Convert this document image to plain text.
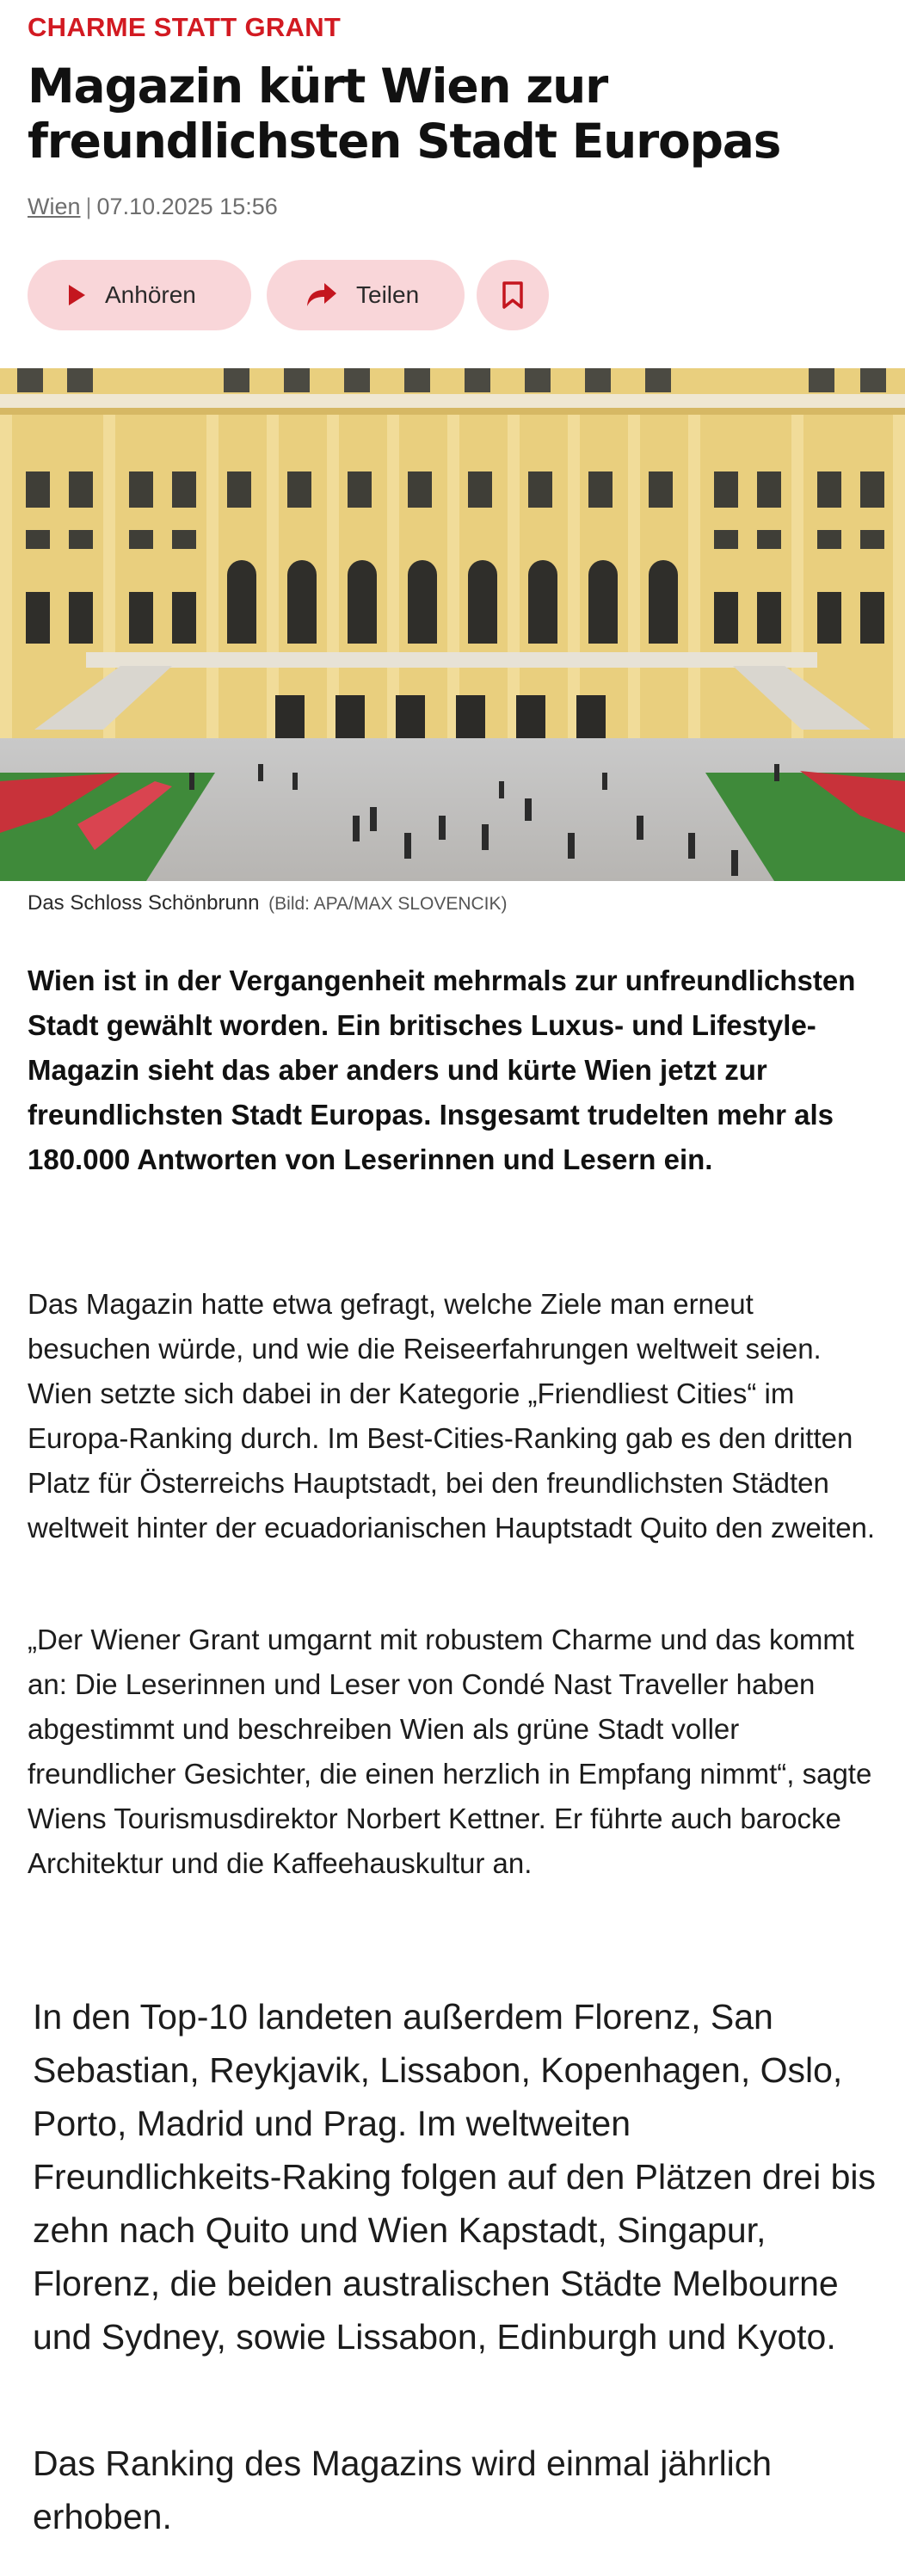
CHARME STATT GRANT
Magazin kürt Wien zur freundlichsten Stadt Europas
Wien | 07.10.2025 15:56
Anhören	Teilen
Das Schloss Schönbrunn (Bild: APA/MAX SLOVENCIK)

Wien ist in der Vergangenheit mehrmals zur unfreundlichsten Stadt gewählt worden. Ein britisches Luxus- und Lifestyle-Magazin sieht das aber anders und kürte Wien jetzt zur freundlichsten Stadt Europas. Insgesamt trudelten mehr als 180.000 Antworten von Leserinnen und Lesern ein.

Das Magazin hatte etwa gefragt, welche Ziele man erneut besuchen würde, und wie die Reiseerfahrungen weltweit seien. Wien setzte sich dabei in der Kategorie „Friendliest Cities“ im Europa-Ranking durch. Im Best-Cities-Ranking gab es den dritten Platz für Österreichs Hauptstadt, bei den freundlichsten Städten weltweit hinter der ecuadorianischen Hauptstadt Quito den zweiten.

„Der Wiener Grant umgarnt mit robustem Charme und das kommt an: Die Leserinnen und Leser von Condé Nast Traveller haben abgestimmt und beschreiben Wien als grüne Stadt voller freundlicher Gesichter, die einen herzlich in Empfang nimmt“, sagte Wiens Tourismusdirektor Norbert Kettner. Er führte auch barocke Architektur und die Kaffeehauskultur an.

In den Top-10 landeten außerdem Florenz, San Sebastian, Reykjavik, Lissabon, Kopenhagen, Oslo, Porto, Madrid und Prag. Im weltweiten Freundlichkeits-Raking folgen auf den Plätzen drei bis zehn nach Quito und Wien Kapstadt, Singapur, Florenz, die beiden australischen Städte Melbourne und Sydney, sowie Lissabon, Edinburgh und Kyoto.

Das Ranking des Magazins wird einmal jährlich erhoben.
